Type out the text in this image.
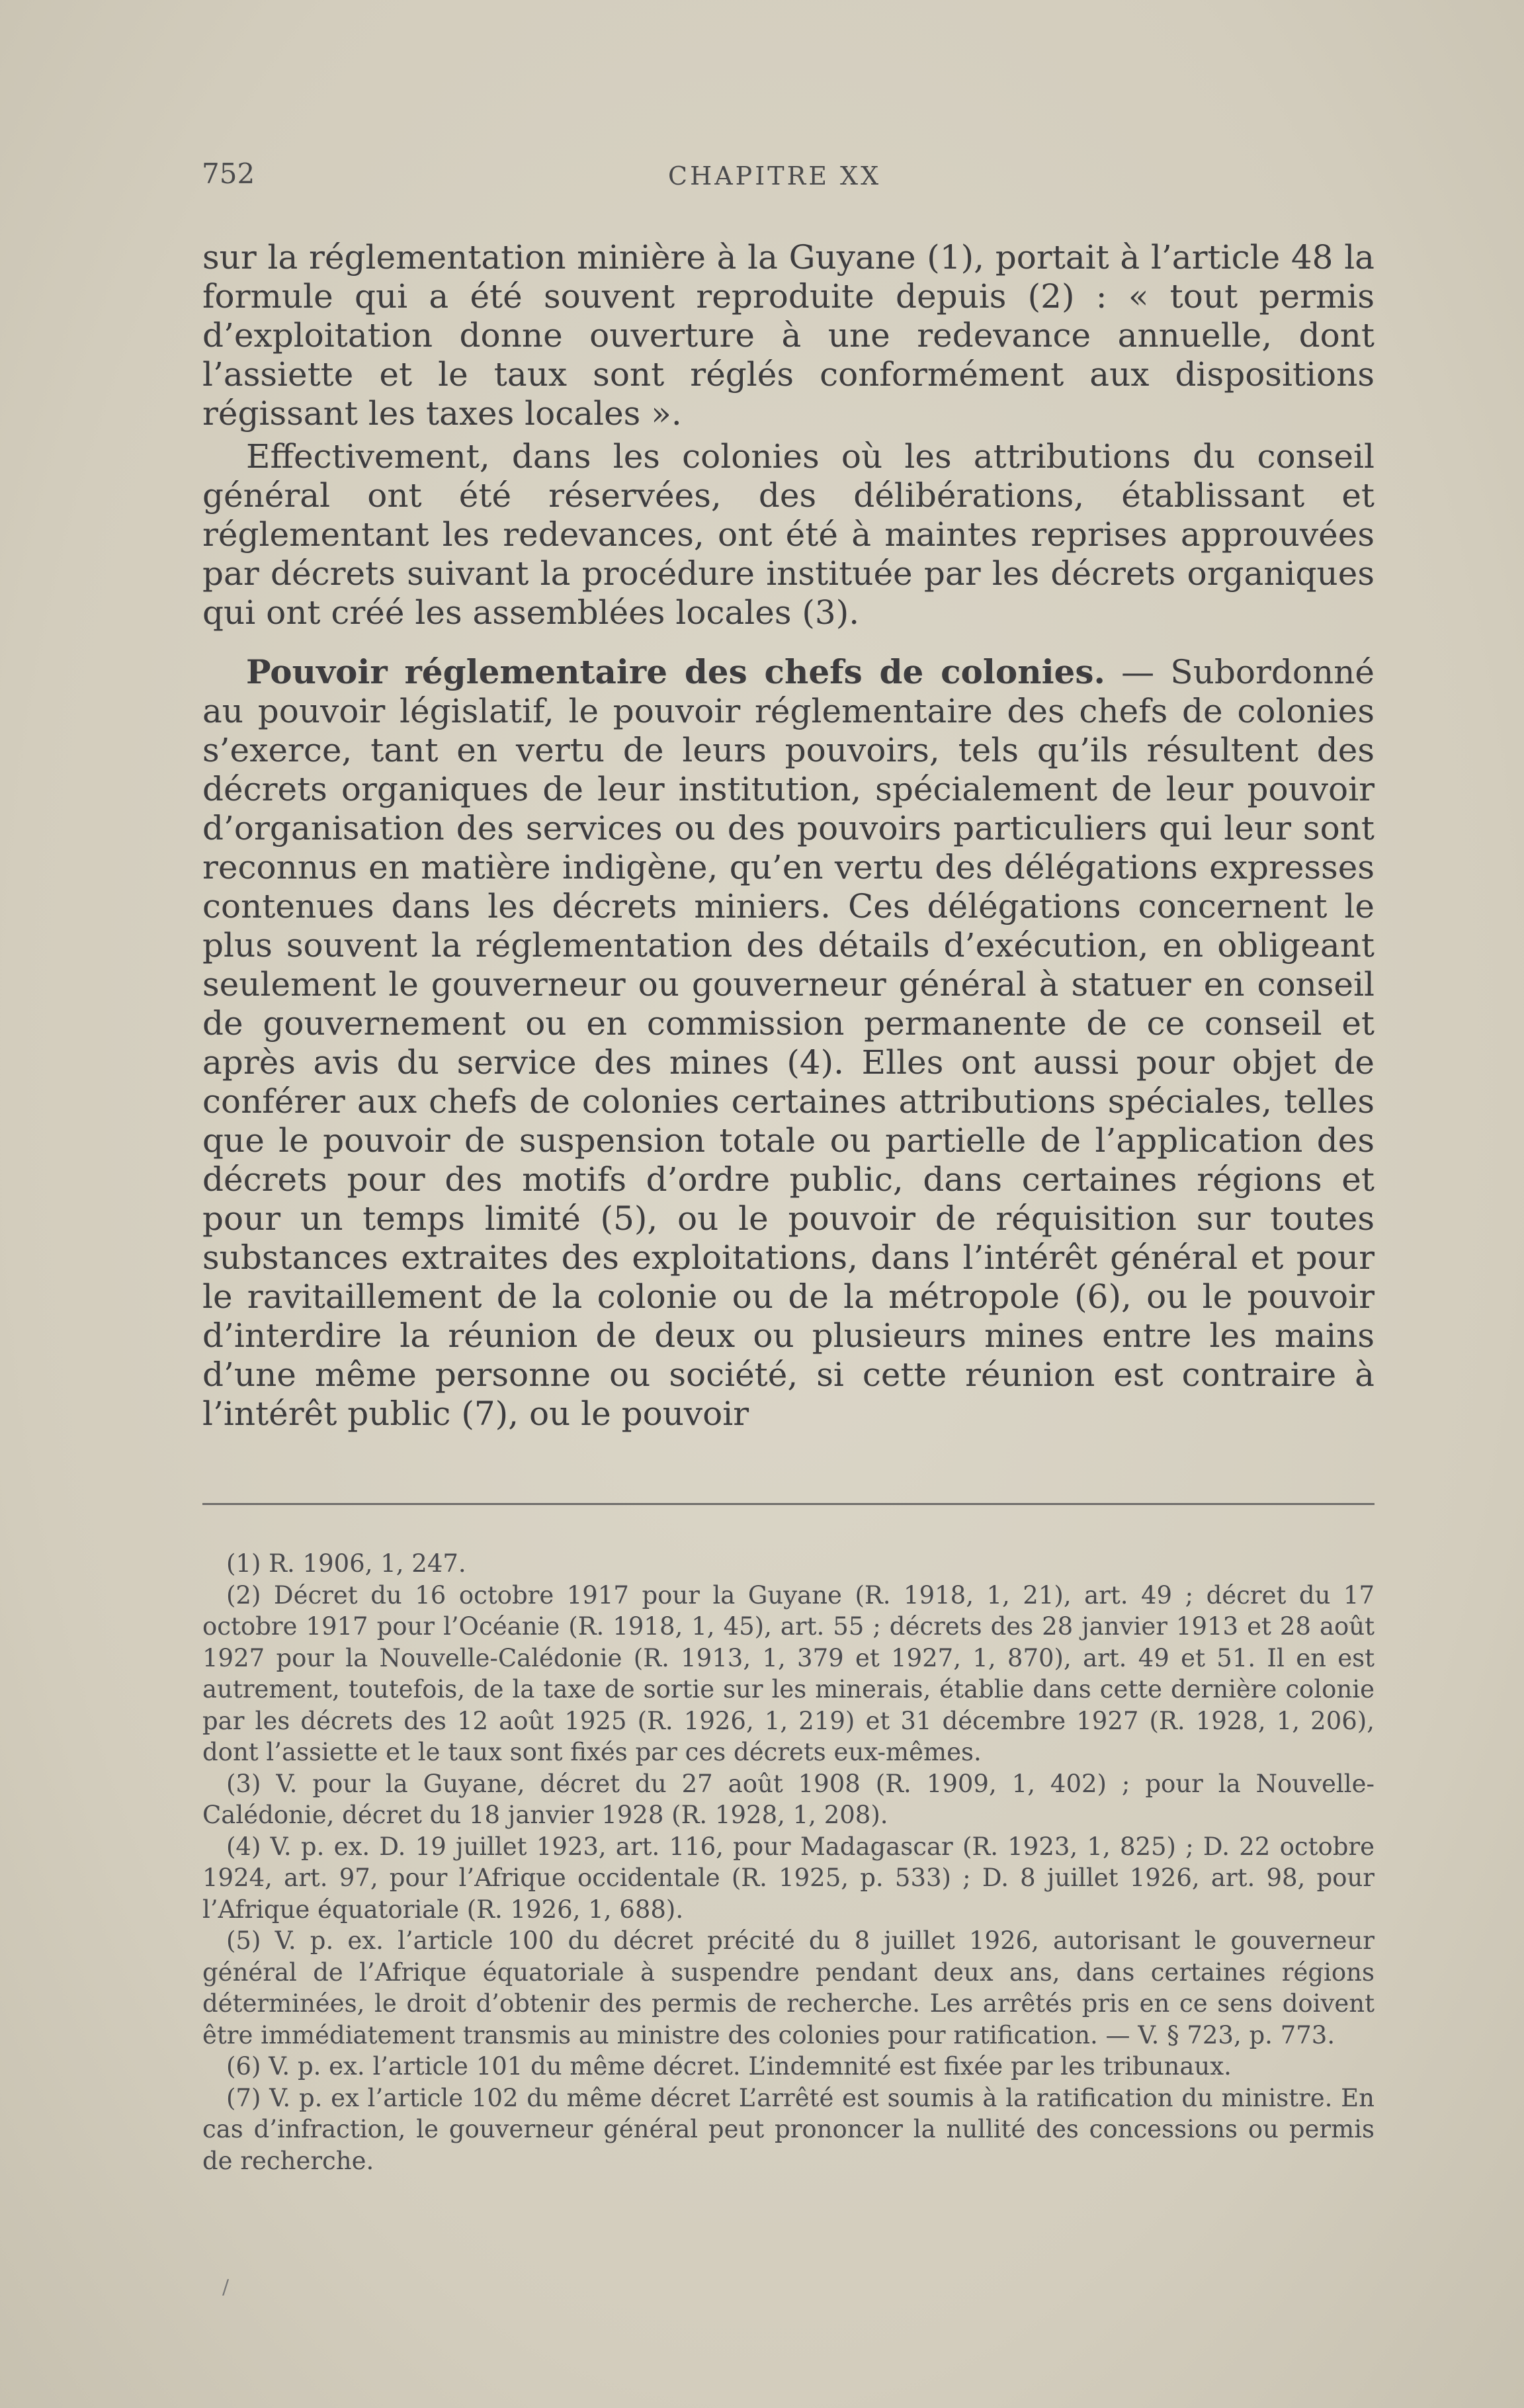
752	CHAPITRE XX

sur la réglementation minière à la Guyane (1), portait à l’article 48 la formule qui a été souvent reproduite depuis (2) : « tout permis d’exploitation donne ouverture à une redevance annuelle, dont l’assiette et le taux sont réglés conformément aux dispositions régissant les taxes locales ».

Effectivement, dans les colonies où les attributions du conseil général ont été réservées, des délibérations, établissant et réglementant les redevances, ont été à maintes reprises approuvées par décrets suivant la procédure instituée par les décrets organiques qui ont créé les assemblées locales (3).

Pouvoir réglementaire des chefs de colonies. — Subordonné au pouvoir législatif, le pouvoir réglementaire des chefs de colonies s’exerce, tant en vertu de leurs pouvoirs, tels qu’ils résultent des décrets organiques de leur institution, spécialement de leur pouvoir d’organisation des services ou des pouvoirs particuliers qui leur sont reconnus en matière indigène, qu’en vertu des délégations expresses contenues dans les décrets miniers. Ces délégations concernent le plus souvent la réglementation des détails d’exécution, en obligeant seulement le gouverneur ou gouverneur général à statuer en conseil de gouvernement ou en commission permanente de ce conseil et après avis du service des mines (4). Elles ont aussi pour objet de conférer aux chefs de colonies certaines attributions spéciales, telles que le pouvoir de suspension totale ou partielle de l’application des décrets pour des motifs d’ordre public, dans certaines régions et pour un temps limité (5), ou le pouvoir de réquisition sur toutes substances extraites des exploitations, dans l’intérêt général et pour le ravitaillement de la colonie ou de la métropole (6), ou le pouvoir d’interdire la réunion de deux ou plusieurs mines entre les mains d’une même personne ou société, si cette réunion est contraire à l’intérêt public (7), ou le pouvoir

(1) R. 1906, 1, 247.

(2) Décret du 16 octobre 1917 pour la Guyane (R. 1918, 1, 21), art. 49 ; décret du 17 octobre 1917 pour l’Océanie (R. 1918, 1, 45), art. 55 ; décrets des 28 janvier 1913 et 28 août 1927 pour la Nouvelle-Calédonie (R. 1913, 1, 379 et 1927, 1, 870), art. 49 et 51. Il en est autrement, toutefois, de la taxe de sortie sur les minerais, établie dans cette dernière colonie par les décrets des 12 août 1925 (R. 1926, 1, 219) et 31 décembre 1927 (R. 1928, 1, 206), dont l’assiette et le taux sont fixés par ces décrets eux-mêmes.

(3) V. pour la Guyane, décret du 27 août 1908 (R. 1909, 1, 402) ; pour la Nouvelle-Calédonie, décret du 18 janvier 1928 (R. 1928, 1, 208).

(4) V. p. ex. D. 19 juillet 1923, art. 116, pour Madagascar (R. 1923, 1, 825) ; D. 22 octobre 1924, art. 97, pour l’Afrique occidentale (R. 1925, p. 533) ; D. 8 juillet 1926, art. 98, pour l’Afrique équatoriale (R. 1926, 1, 688).

(5) V. p. ex. l’article 100 du décret précité du 8 juillet 1926, autorisant le gouverneur général de l’Afrique équatoriale à suspendre pendant deux ans, dans certaines régions déterminées, le droit d’obtenir des permis de recherche. Les arrêtés pris en ce sens doivent être immédiatement transmis au ministre des colonies pour ratification. — V. § 723, p. 773.

(6) V. p. ex. l’article 101 du même décret. L’indemnité est fixée par les tribunaux.

(7) V. p. ex l’article 102 du même décret L’arrêté est soumis à la ratification du ministre. En cas d’infraction, le gouverneur général peut prononcer la nullité des concessions ou permis de recherche.

/
